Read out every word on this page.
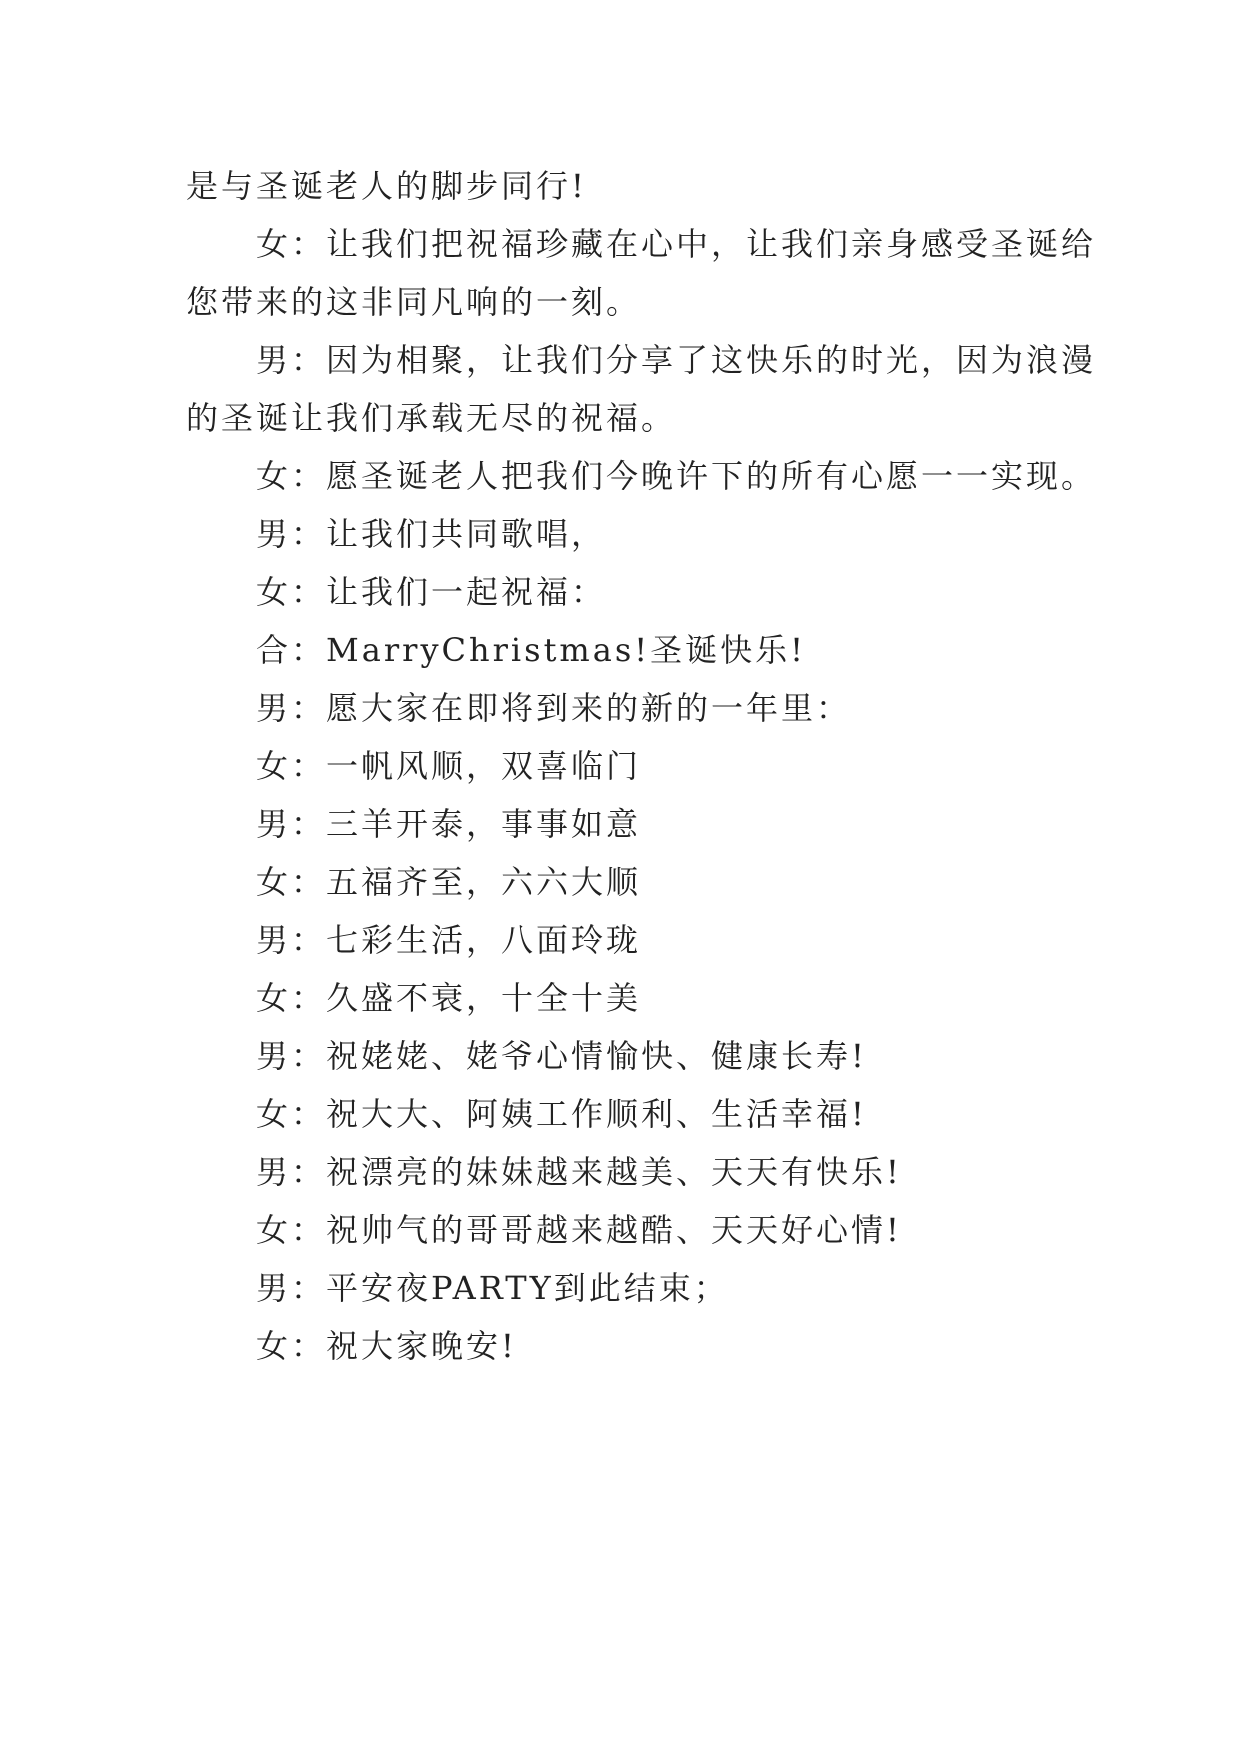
是与圣诞老人的脚步同行!
女：让我们把祝福珍藏在心中，让我们亲身感受圣诞给
您带来的这非同凡响的一刻。
男：因为相聚，让我们分享了这快乐的时光，因为浪漫
的圣诞让我们承载无尽的祝福。
女：愿圣诞老人把我们今晚许下的所有心愿一一实现。
男：让我们共同歌唱，
女：让我们一起祝福：
合：MarryChristmas!圣诞快乐!
男：愿大家在即将到来的新的一年里：
女：一帆风顺，双喜临门
男：三羊开泰，事事如意
女：五福齐至，六六大顺
男：七彩生活，八面玲珑
女：久盛不衰，十全十美
男：祝姥姥、姥爷心情愉快、健康长寿!
女：祝大大、阿姨工作顺利、生活幸福!
男：祝漂亮的妹妹越来越美、天天有快乐!
女：祝帅气的哥哥越来越酷、天天好心情!
男：平安夜PARTY到此结束；
女：祝大家晚安!
